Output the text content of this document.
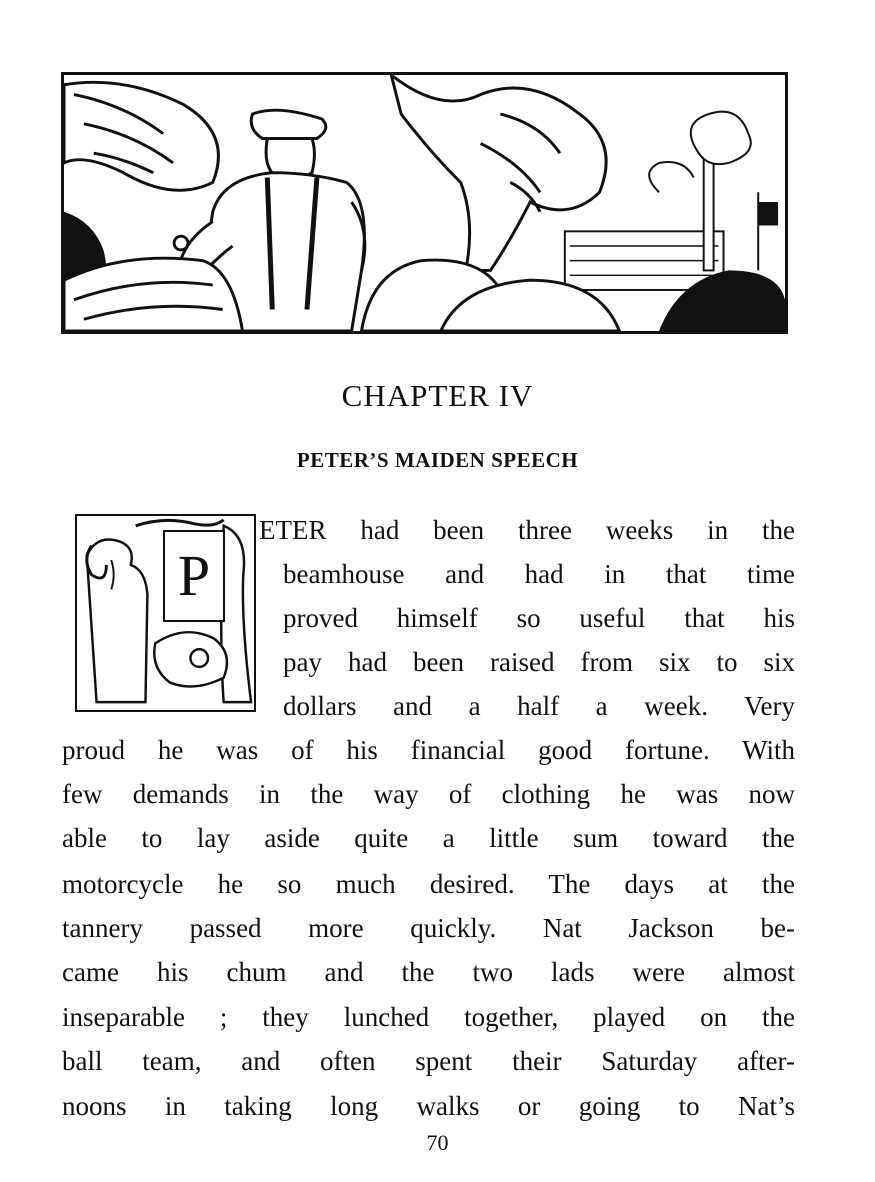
CHAPTER IV
PETER’S MAIDEN SPEECH
P
ETER had been three weeks in the
beamhouse and had in that time
proved himself so useful that his
pay had been raised from six to six
dollars and a half a week. Very
proud he was of his financial good fortune. With
few demands in the way of clothing he was now
able to lay aside quite a little sum toward the
motorcycle he so much desired. The days at the
tannery passed more quickly. Nat Jackson be-
came his chum and the two lads were almost
inseparable ; they lunched together, played on the
ball team, and often spent their Saturday after-
noons in taking long walks or going to Nat’s
70
